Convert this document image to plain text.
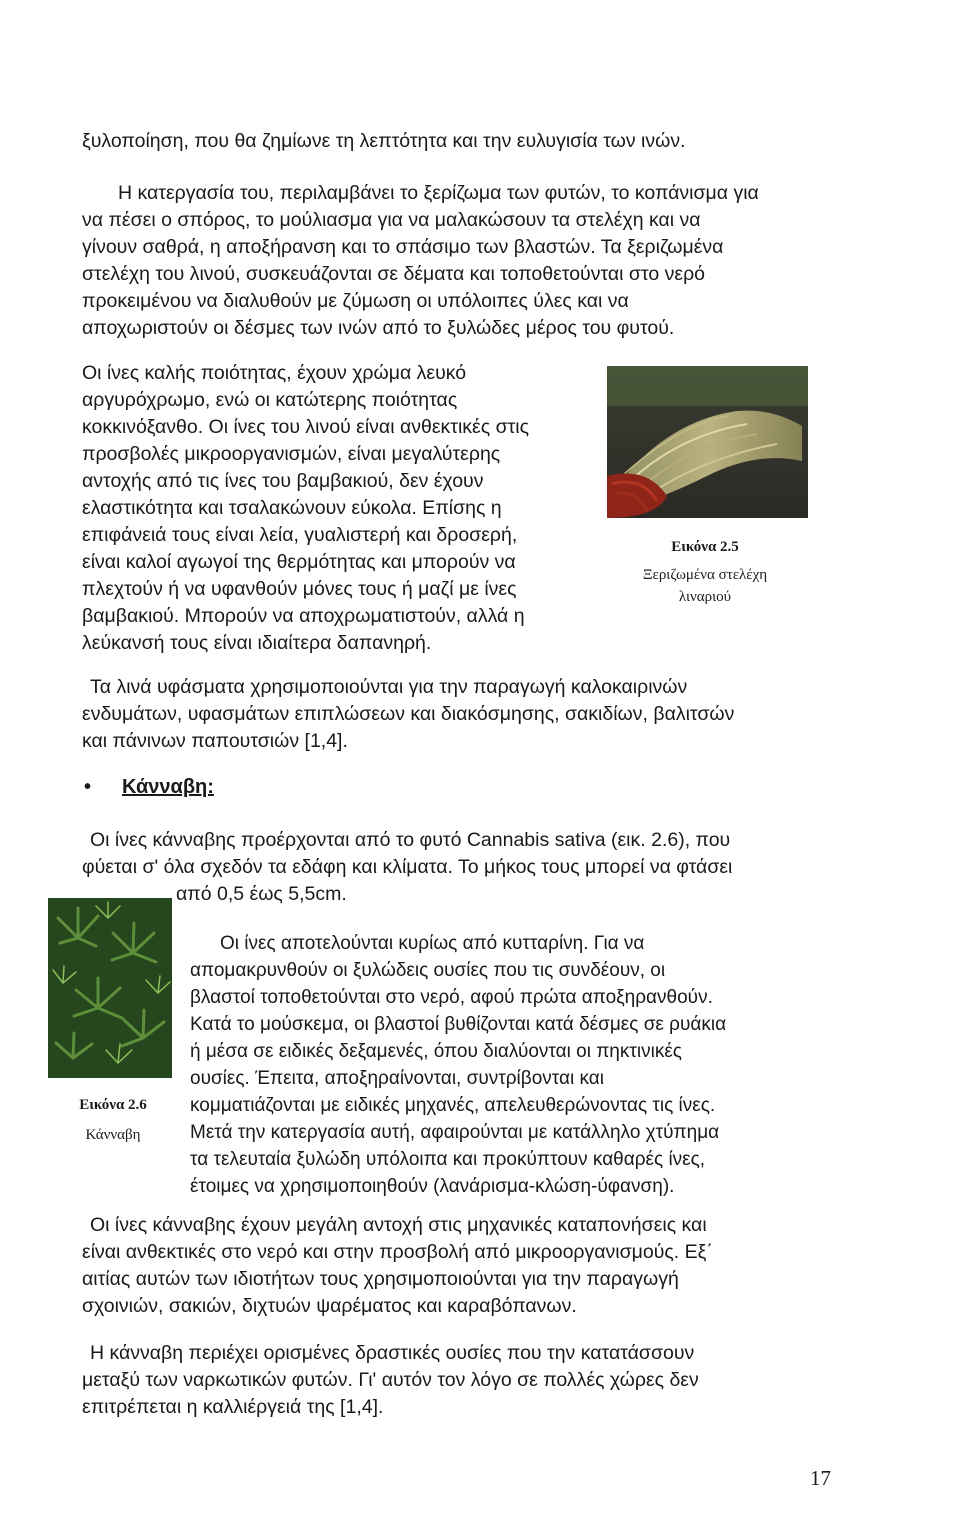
ξυλοποίηση, που θα ζημίωνε τη λεπτότητα και την ευλυγισία των ινών.
Η κατεργασία του, περιλαμβάνει το ξερίζωμα των φυτών, το κοπάνισμα για
να πέσει ο σπόρος, το μούλιασμα για να μαλακώσουν τα στελέχη και να
γίνουν σαθρά, η αποξήρανση και το σπάσιμο των βλαστών. Τα ξεριζωμένα
στελέχη του λινού, συσκευάζονται σε δέματα και τοποθετούνται στο νερό
προκειμένου να διαλυθούν με ζύμωση οι υπόλοιπες ύλες και να
αποχωριστούν οι δέσμες των ινών από το ξυλώδες μέρος του φυτού.
Οι ίνες καλής ποιότητας, έχουν χρώμα λευκό
αργυρόχρωμο, ενώ οι κατώτερης ποιότητας
κοκκινόξανθο. Οι ίνες του λινού είναι ανθεκτικές στις
προσβολές μικροοργανισμών, είναι μεγαλύτερης
αντοχής από τις ίνες του βαμβακιού, δεν έχουν
ελαστικότητα και τσαλακώνουν εύκολα. Επίσης η
επιφάνειά τους είναι λεία, γυαλιστερή και δροσερή,
είναι καλοί αγωγοί της θερμότητας και μπορούν να
πλεχτούν ή να υφανθούν μόνες τους ή μαζί με ίνες
βαμβακιού. Μπορούν να αποχρωματιστούν, αλλά η
λεύκανσή τους είναι ιδιαίτερα δαπανηρή.
Εικόνα 2.5
Ξεριζωμένα στελέχη
λιναριού
Τα λινά υφάσματα χρησιμοποιούνται για την παραγωγή καλοκαιρινών
ενδυμάτων, υφασμάτων επιπλώσεων και διακόσμησης, σακιδίων, βαλιτσών
και πάνινων παπουτσιών [1,4].
• Κάνναβη:
Οι ίνες κάνναβης προέρχονται από το φυτό Cannabis sativa (εικ. 2.6), που
φύεται σ' όλα σχεδόν τα εδάφη και κλίματα. Το μήκος τους μπορεί να φτάσει
από 0,5 έως 5,5cm.
Εικόνα 2.6
Κάνναβη
Οι ίνες αποτελούνται κυρίως από κυτταρίνη. Για να
απομακρυνθούν οι ξυλώδεις ουσίες που τις συνδέουν, οι
βλαστοί τοποθετούνται στο νερό, αφού πρώτα αποξηρανθούν.
Κατά το μούσκεμα, οι βλαστοί βυθίζονται κατά δέσμες σε ρυάκια
ή μέσα σε ειδικές δεξαμενές, όπου διαλύονται οι πηκτινικές
ουσίες. Έπειτα, αποξηραίνονται, συντρίβονται και
κομματιάζονται με ειδικές μηχανές, απελευθερώνοντας τις ίνες.
Μετά την κατεργασία αυτή, αφαιρούνται με κατάλληλο χτύπημα
τα τελευταία ξυλώδη υπόλοιπα και προκύπτουν καθαρές ίνες,
έτοιμες να χρησιμοποιηθούν (λανάρισμα-κλώση-ύφανση).
Οι ίνες κάνναβης έχουν μεγάλη αντοχή στις μηχανικές καταπονήσεις και
είναι ανθεκτικές στο νερό και στην προσβολή από μικροοργανισμούς. Εξ΄
αιτίας αυτών των ιδιοτήτων τους χρησιμοποιούνται για την παραγωγή
σχοινιών, σακιών, διχτυών ψαρέματος και καραβόπανων.
Η κάνναβη περιέχει ορισμένες δραστικές ουσίες που την κατατάσσουν
μεταξύ των ναρκωτικών φυτών. Γι' αυτόν τον λόγο σε πολλές χώρες δεν
επιτρέπεται η καλλιέργειά της [1,4].
17
